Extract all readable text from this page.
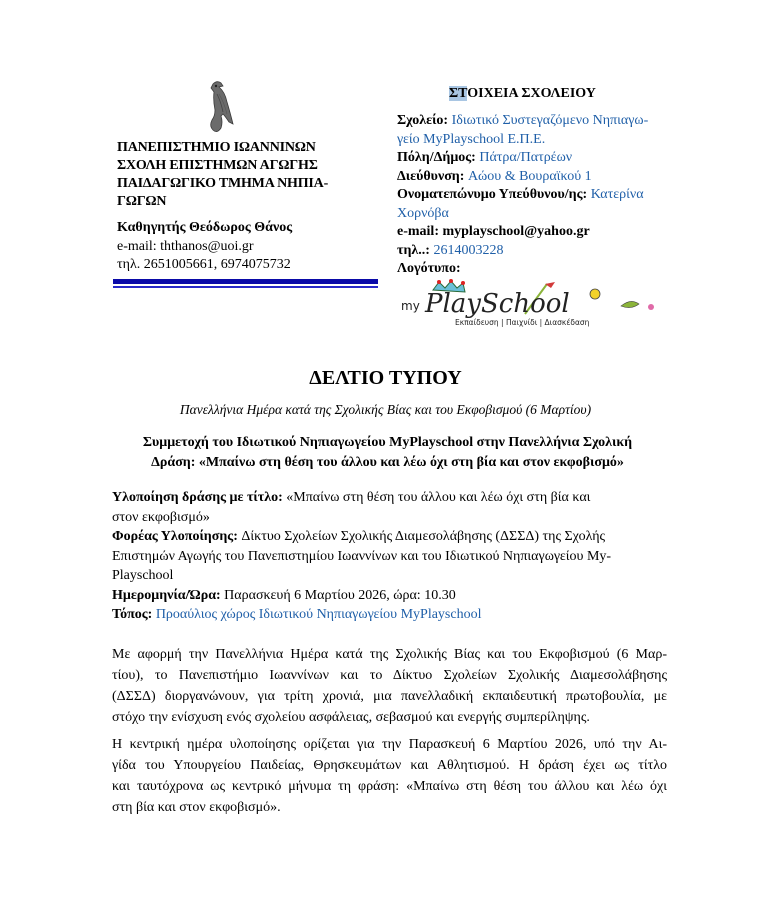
ΠΑΝΕΠΙΣΤΗΜΙΟ ΙΩΑΝΝΙΝΩΝ
ΣΧΟΛΗ ΕΠΙΣΤΗΜΩΝ ΑΓΩΓΗΣ
ΠΑΙΔΑΓΩΓΙΚΟ ΤΜΗΜΑ ΝΗΠΙΑ-
ΓΩΓΩΝ
Καθηγητής Θεόδωρος Θάνος
e-mail: ththanos@uoi.gr
τηλ. 2651005661, 6974075732
ΣΤΟΙΧΕΙΑ ΣΧΟΛΕΙΟΥ
Σχολείο: Ιδιωτικό Συστεγαζόμενο Νηπιαγω-
γείο MyPlayschool Ε.Π.Ε.
Πόλη/Δήμος: Πάτρα/Πατρέων
Διεύθυνση: Αώου & Βουραϊκού 1
Ονοματεπώνυμο Υπεύθυνου/ης: Κατερίνα
Χορνόβα
e-mail: myplayschool@yahoo.gr
τηλ..: 2614003228
Λογότυπο:
my PlaySchool
Εκπαίδευση | Παιχνίδι | Διασκέδαση
ΔΕΛΤΙΟ ΤΥΠΟΥ
Πανελλήνια Ημέρα κατά της Σχολικής Βίας και του Εκφοβισμού (6 Μαρτίου)
Συμμετοχή του Ιδιωτικού Νηπιαγωγείου MyPlayschool στην Πανελλήνια Σχολική
Δράση: «Μπαίνω στη θέση του άλλου και λέω όχι στη βία και στον εκφοβισμό»
Υλοποίηση δράσης με τίτλο: «Μπαίνω στη θέση του άλλου και λέω όχι στη βία και
στον εκφοβισμό»
Φορέας Υλοποίησης: Δίκτυο Σχολείων Σχολικής Διαμεσολάβησης (ΔΣΣΔ) της Σχολής
Επιστημών Αγωγής του Πανεπιστημίου Ιωαννίνων και του Ιδιωτικού Νηπιαγωγείου My-
Playschool
Ημερομηνία/Ώρα: Παρασκευή 6 Μαρτίου 2026, ώρα: 10.30
Τόπος: Προαύλιος χώρος Ιδιωτικού Νηπιαγωγείου MyPlayschool
Με αφορμή την Πανελλήνια Ημέρα κατά της Σχολικής Βίας και του Εκφοβισμού (6 Μαρ-
τίου), το Πανεπιστήμιο Ιωαννίνων και το Δίκτυο Σχολείων Σχολικής Διαμεσολάβησης
(ΔΣΣΔ) διοργανώνουν, για τρίτη χρονιά, μια πανελλαδική εκπαιδευτική πρωτοβουλία, με
στόχο την ενίσχυση ενός σχολείου ασφάλειας, σεβασμού και ενεργής συμπερίληψης.
Η κεντρική ημέρα υλοποίησης ορίζεται για την Παρασκευή 6 Μαρτίου 2026, υπό την Αι-
γίδα του Υπουργείου Παιδείας, Θρησκευμάτων και Αθλητισμού. Η δράση έχει ως τίτλο
και ταυτόχρονα ως κεντρικό μήνυμα τη φράση: «Μπαίνω στη θέση του άλλου και λέω όχι
στη βία και στον εκφοβισμό».
